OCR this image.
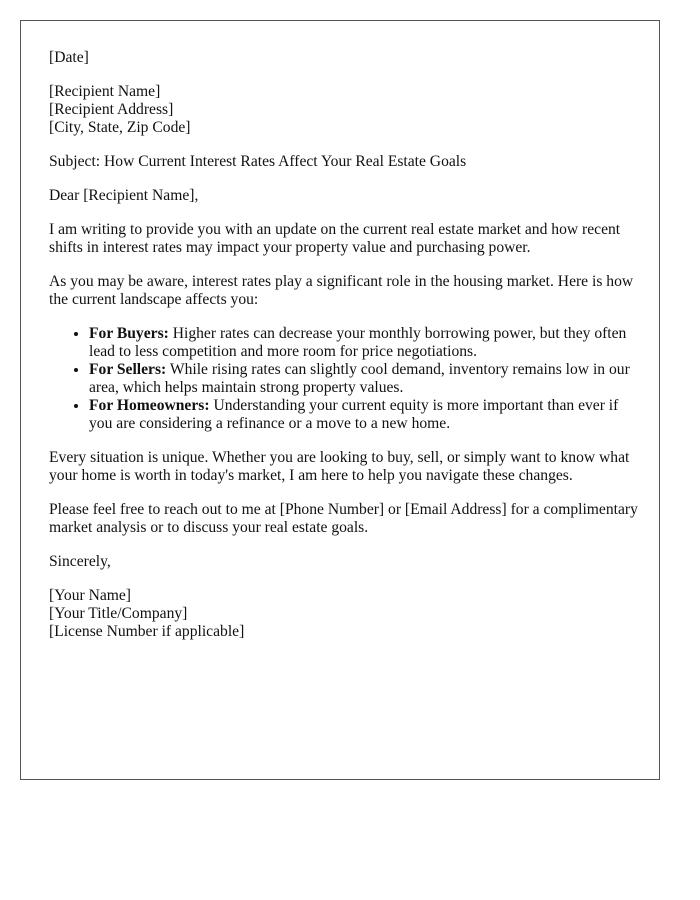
[Date]

[Recipient Name]
[Recipient Address]
[City, State, Zip Code]

Subject: How Current Interest Rates Affect Your Real Estate Goals

Dear [Recipient Name],

I am writing to provide you with an update on the current real estate market and how recent shifts in interest rates may impact your property value and purchasing power.

As you may be aware, interest rates play a significant role in the housing market. Here is how the current landscape affects you:

• For Buyers: Higher rates can decrease your monthly borrowing power, but they often lead to less competition and more room for price negotiations.
• For Sellers: While rising rates can slightly cool demand, inventory remains low in our area, which helps maintain strong property values.
• For Homeowners: Understanding your current equity is more important than ever if you are considering a refinance or a move to a new home.

Every situation is unique. Whether you are looking to buy, sell, or simply want to know what your home is worth in today's market, I am here to help you navigate these changes.

Please feel free to reach out to me at [Phone Number] or [Email Address] for a complimentary market analysis or to discuss your real estate goals.

Sincerely,

[Your Name]
[Your Title/Company]
[License Number if applicable]
